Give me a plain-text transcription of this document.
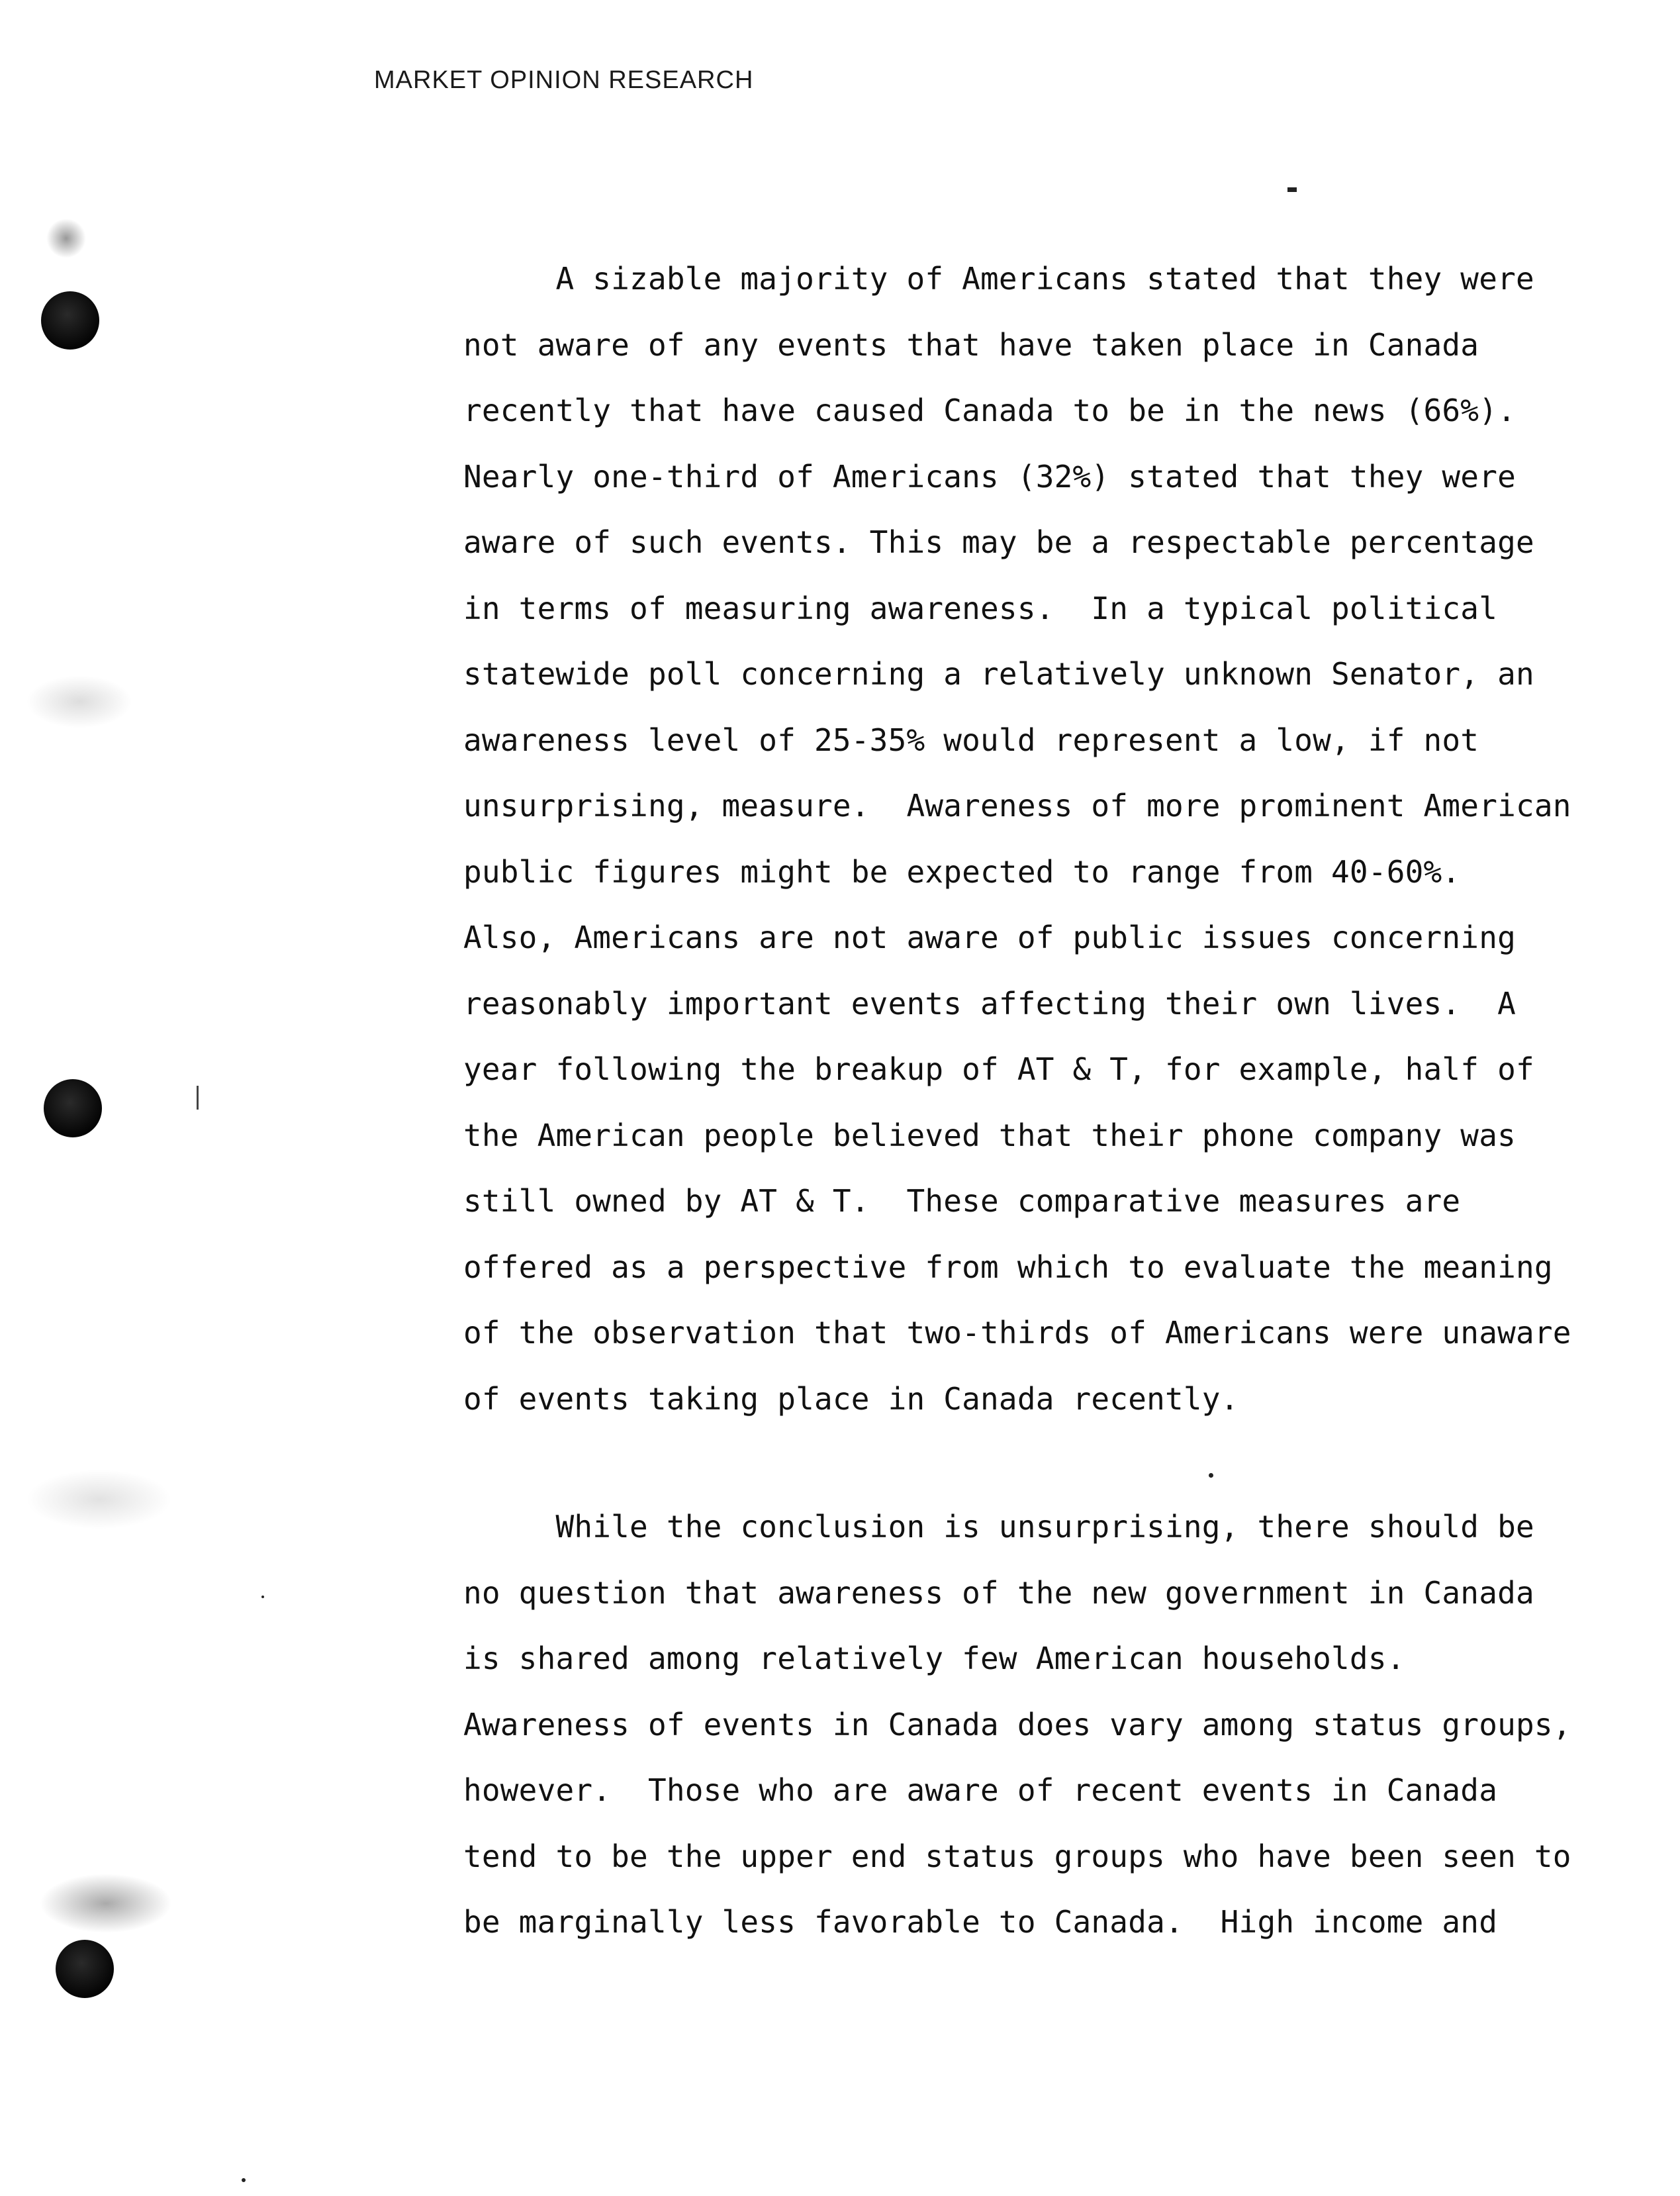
MARKET OPINION RESEARCH
A sizable majority of Americans stated that they were
not aware of any events that have taken place in Canada
recently that have caused Canada to be in the news (66%).
Nearly one-third of Americans (32%) stated that they were
aware of such events. This may be a respectable percentage
in terms of measuring awareness.  In a typical political
statewide poll concerning a relatively unknown Senator, an
awareness level of 25-35% would represent a low, if not
unsurprising, measure.  Awareness of more prominent American
public figures might be expected to range from 40-60%.
Also, Americans are not aware of public issues concerning
reasonably important events affecting their own lives.  A
year following the breakup of AT & T, for example, half of
the American people believed that their phone company was
still owned by AT & T.  These comparative measures are
offered as a perspective from which to evaluate the meaning
of the observation that two-thirds of Americans were unaware
of events taking place in Canada recently.
While the conclusion is unsurprising, there should be
no question that awareness of the new government in Canada
is shared among relatively few American households.
Awareness of events in Canada does vary among status groups,
however.  Those who are aware of recent events in Canada
tend to be the upper end status groups who have been seen to
be marginally less favorable to Canada.  High income and
